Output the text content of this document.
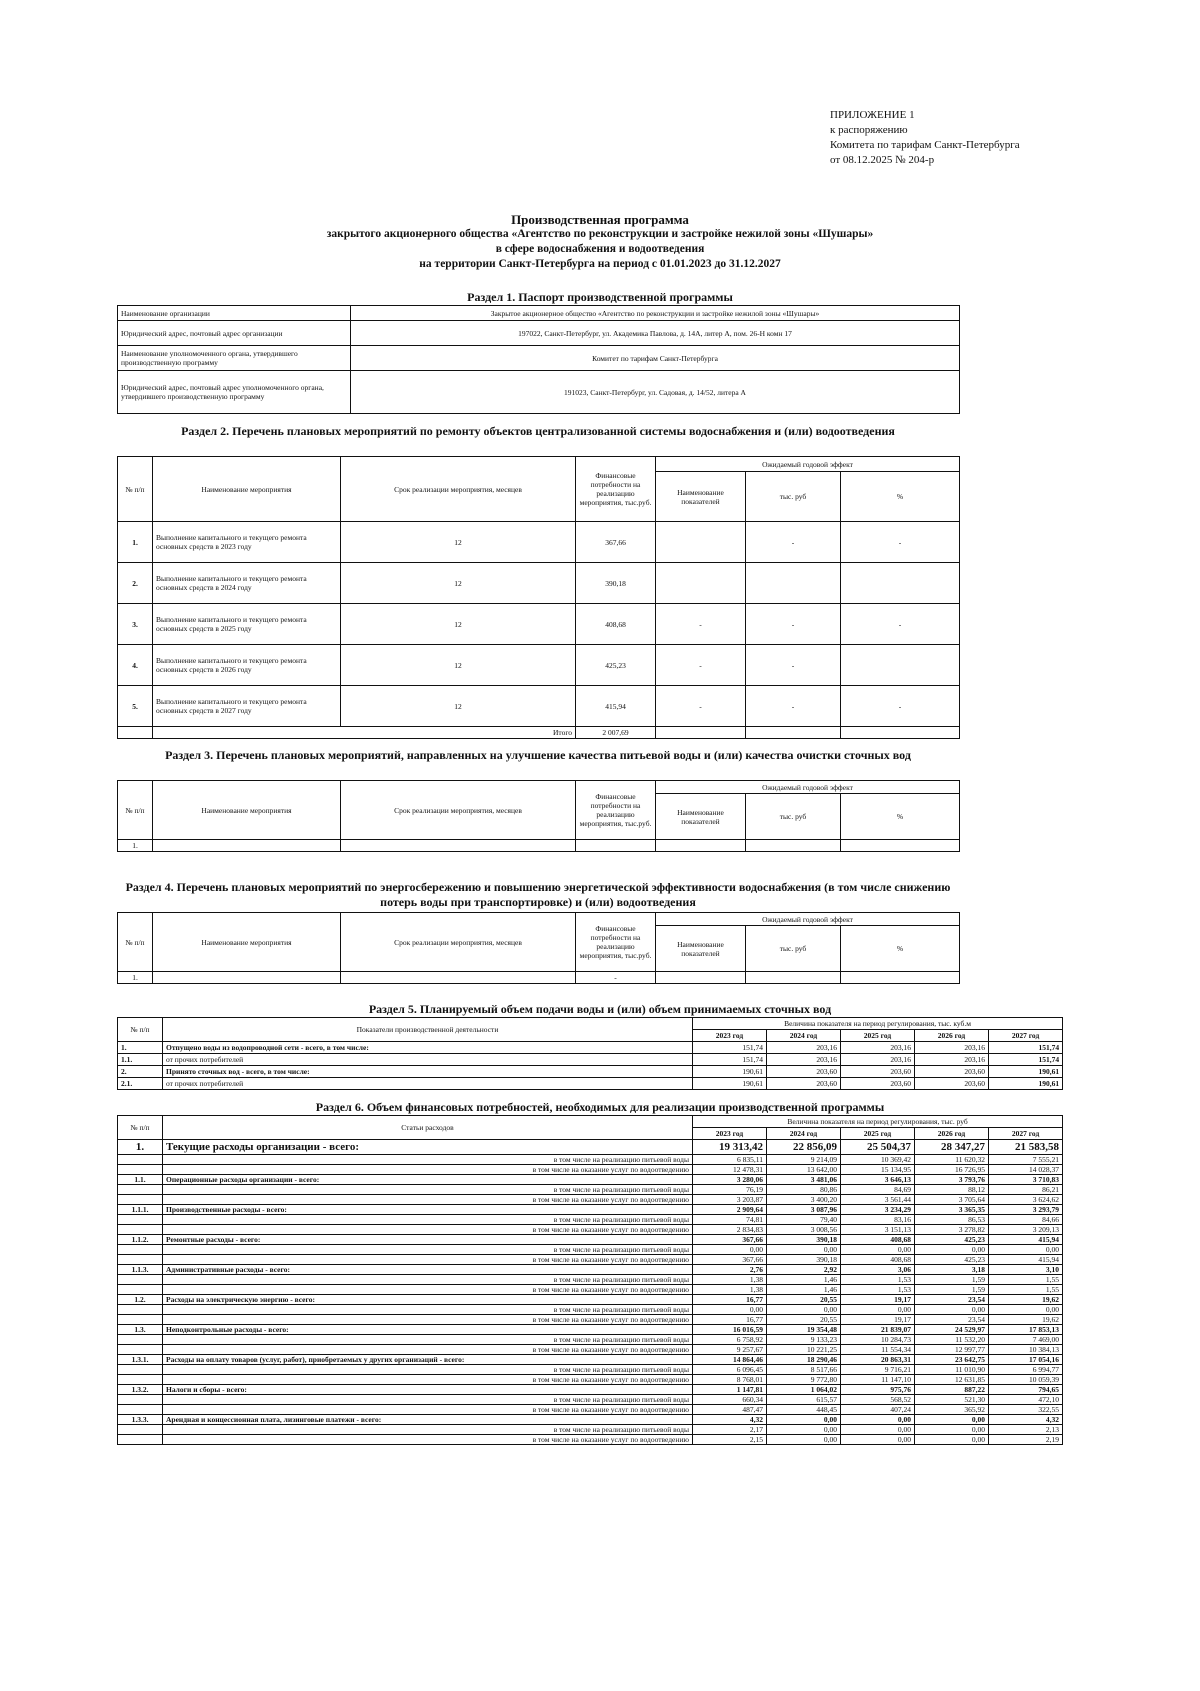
ПРИЛОЖЕНИЕ 1
к распоряжению
Комитета по тарифам Санкт-Петербурга
от 08.12.2025 № 204-р
Производственная программа
закрытого акционерного общества «Агентство по реконструкции и застройке нежилой зоны «Шушары»
в сфере водоснабжения и водоотведения
на территории Санкт-Петербурга на период с 01.01.2023 до 31.12.2027
Раздел 1. Паспорт производственной программы
Наименование организации	Закрытое акционерное общество «Агентство по реконструкции и застройке нежилой зоны «Шушары»
Юридический адрес, почтовый адрес организации	197022, Санкт-Петербург, ул. Академика Павлова, д. 14А, литер А, пом. 26-Н комн 17
Наименование уполномоченного органа, утвердившего производственную программу	Комитет по тарифам Санкт-Петербурга
Юридический адрес, почтовый адрес уполномоченного органа, утвердившего производственную программу	191023, Санкт-Петербург, ул. Садовая, д. 14/52, литера А
Раздел 2. Перечень плановых мероприятий по ремонту объектов централизованной системы водоснабжения и (или) водоотведения
№ п/п	Наименование мероприятия	Срок реализации мероприятия, месяцев	Финансовые потребности на реализацию мероприятия, тыс.руб.	Ожидаемый годовой эффект		
				Наименование показателей	тыс. руб	%
1.	Выполнение капитального и текущего ремонта основных средств в 2023 году	12	367,66		-	-
2.	Выполнение капитального и текущего ремонта основных средств в 2024 году	12	390,18			
3.	Выполнение капитального и текущего ремонта основных средств в 2025 году	12	408,68	-	-	-
4.	Выполнение капитального и текущего ремонта основных средств в 2026 году	12	425,23	-	-	
5.	Выполнение капитального и текущего ремонта основных средств в 2027 году	12	415,94	-	-	-
	Итого		2 007,69			
Раздел 3. Перечень плановых мероприятий, направленных на улучшение качества питьевой воды и (или) качества очистки сточных вод
№ п/п	Наименование мероприятия	Срок реализации мероприятия, месяцев	Финансовые потребности на реализацию мероприятия, тыс.руб.	Ожидаемый годовой эффект		
				Наименование показателей	тыс. руб	%
1.						
Раздел 4. Перечень плановых мероприятий по энергосбережению и повышению энергетической эффективности водоснабжения (в том числе снижению потерь воды при транспортировке) и (или) водоотведения
№ п/п	Наименование мероприятия	Срок реализации мероприятия, месяцев	Финансовые потребности на реализацию мероприятия, тыс.руб.	Ожидаемый годовой эффект		
				Наименование показателей	тыс. руб	%
1.			-			
Раздел 5. Планируемый объем подачи воды и (или) объем принимаемых сточных вод
№ п/п	Показатели производственной деятельности	Величина показателя на период регулирования, тыс. куб.м				
		2023 год	2024 год	2025 год	2026 год	2027 год
1.	Отпущено воды из водопроводной сети - всего, в том числе:	151,74	203,16	203,16	203,16	151,74
1.1.	от прочих потребителей	151,74	203,16	203,16	203,16	151,74
2.	Принято сточных вод - всего, в том числе:	190,61	203,60	203,60	203,60	190,61
2.1.	от прочих потребителей	190,61	203,60	203,60	203,60	190,61
Раздел 6. Объем финансовых потребностей, необходимых для реализации производственной программы
№ п/п	Статьи расходов	Величина показателя на период регулирования, тыс. руб				
		2023 год	2024 год	2025 год	2026 год	2027 год
1.	Текущие расходы организации - всего:	19 313,42	22 856,09	25 504,37	28 347,27	21 583,58
	в том числе на реализацию питьевой воды	6 835,11	9 214,09	10 369,42	11 620,32	7 555,21
	в том числе на оказание услуг по водоотведению	12 478,31	13 642,00	15 134,95	16 726,95	14 028,37
1.1.	Операционные расходы организации - всего:	3 280,06	3 481,06	3 646,13	3 793,76	3 710,83
	в том числе на реализацию питьевой воды	76,19	80,86	84,69	88,12	86,21
	в том числе на оказание услуг по водоотведению	3 203,87	3 400,20	3 561,44	3 705,64	3 624,62
1.1.1.	Производственные расходы - всего:	2 909,64	3 087,96	3 234,29	3 365,35	3 293,79
	в том числе на реализацию питьевой воды	74,81	79,40	83,16	86,53	84,66
	в том числе на оказание услуг по водоотведению	2 834,83	3 008,56	3 151,13	3 278,82	3 209,13
1.1.2.	Ремонтные расходы - всего:	367,66	390,18	408,68	425,23	415,94
	в том числе на реализацию питьевой воды	0,00	0,00	0,00	0,00	0,00
	в том числе на оказание услуг по водоотведению	367,66	390,18	408,68	425,23	415,94
1.1.3.	Административные расходы - всего:	2,76	2,92	3,06	3,18	3,10
	в том числе на реализацию питьевой воды	1,38	1,46	1,53	1,59	1,55
	в том числе на оказание услуг по водоотведению	1,38	1,46	1,53	1,59	1,55
1.2.	Расходы на электрическую энергию - всего:	16,77	20,55	19,17	23,54	19,62
	в том числе на реализацию питьевой воды	0,00	0,00	0,00	0,00	0,00
	в том числе на оказание услуг по водоотведению	16,77	20,55	19,17	23,54	19,62
1.3.	Неподконтрольные расходы - всего:	16 016,59	19 354,48	21 839,07	24 529,97	17 853,13
	в том числе на реализацию питьевой воды	6 758,92	9 133,23	10 284,73	11 532,20	7 469,00
	в том числе на оказание услуг по водоотведению	9 257,67	10 221,25	11 554,34	12 997,77	10 384,13
1.3.1.	Расходы на оплату товаров (услуг, работ), приобретаемых у других организаций - всего:	14 864,46	18 290,46	20 863,31	23 642,75	17 054,16
	в том числе на реализацию питьевой воды	6 096,45	8 517,66	9 716,21	11 010,90	6 994,77
	в том числе на оказание услуг по водоотведению	8 768,01	9 772,80	11 147,10	12 631,85	10 059,39
1.3.2.	Налоги и сборы - всего:	1 147,81	1 064,02	975,76	887,22	794,65
	в том числе на реализацию питьевой воды	660,34	615,57	568,52	521,30	472,10
	в том числе на оказание услуг по водоотведению	487,47	448,45	407,24	365,92	322,55
1.3.3.	Арендная и концессионная плата, лизинговые платежи - всего:	4,32	0,00	0,00	0,00	4,32
	в том числе на реализацию питьевой воды	2,17	0,00	0,00	0,00	2,13
	в том числе на оказание услуг по водоотведению	2,15	0,00	0,00	0,00	2,19
